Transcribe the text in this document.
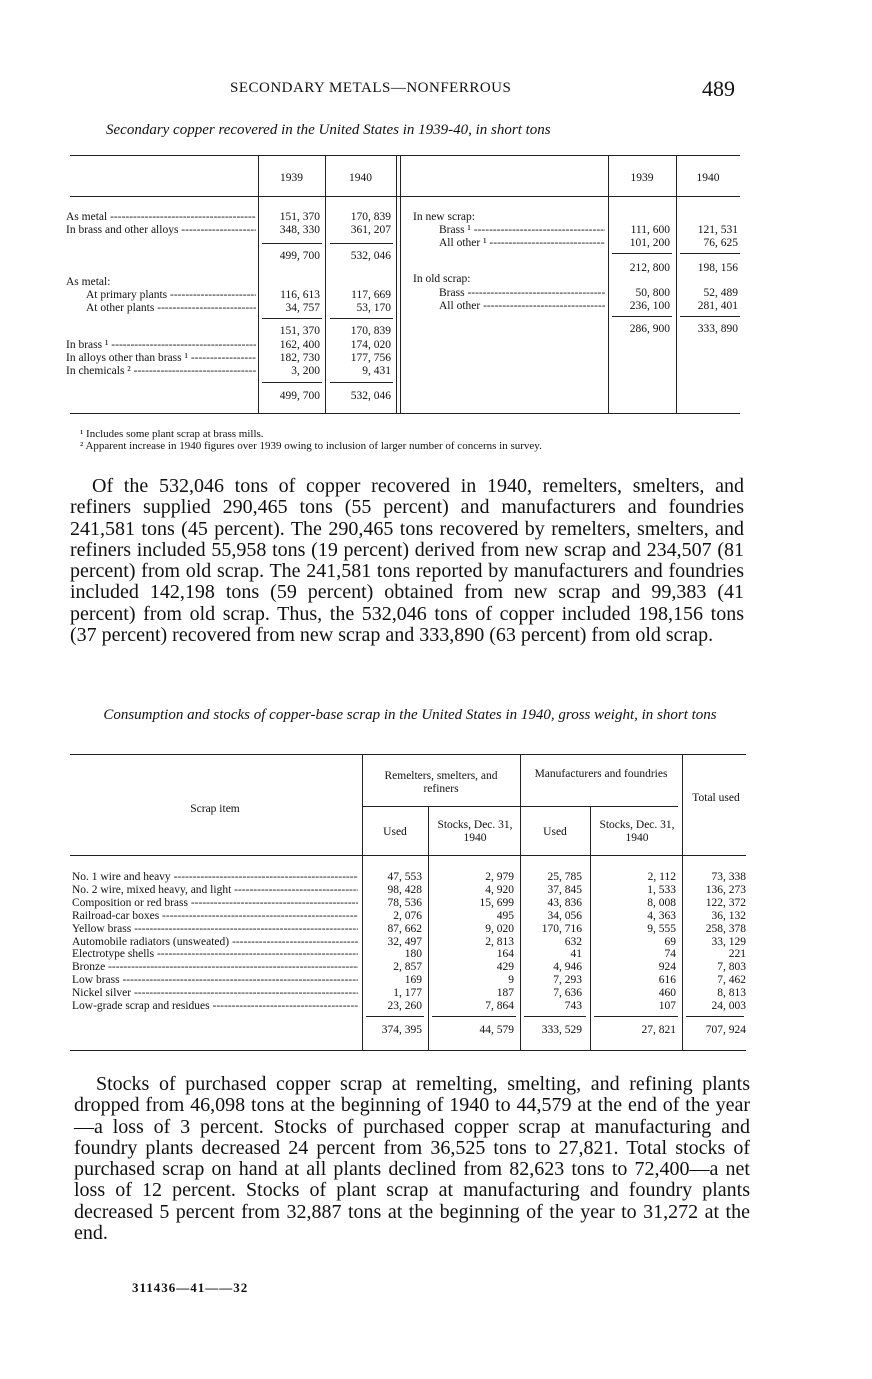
SECONDARY METALS—NONFERROUS	489
Secondary copper recovered in the United States in 1939-40, in short tons
1939	1940	1939	1940
As metal -----	151, 370	170, 839
In brass and other alloys -----	348, 330	361, 207
499, 700	532, 046
As metal:
At primary plants -----	116, 613	117, 669
At other plants -----	34, 757	53, 170
151, 370	170, 839
In brass ¹ -----	162, 400	174, 020
In alloys other than brass ¹ -----	182, 730	177, 756
In chemicals ² -----	3, 200	9, 431
499, 700	532, 046
In new scrap:
Brass ¹ -----	111, 600	121, 531
All other ¹ -----	101, 200	76, 625
212, 800	198, 156
In old scrap:
Brass -----	50, 800	52, 489
All other -----	236, 100	281, 401
286, 900	333, 890
¹ Includes some plant scrap at brass mills.
² Apparent increase in 1940 figures over 1939 owing to inclusion of larger number of concerns in survey.
Of the 532,046 tons of copper recovered in 1940, remelters, smelters, and refiners supplied 290,465 tons (55 percent) and manufacturers and foundries 241,581 tons (45 percent). The 290,465 tons recovered by remelters, smelters, and refiners included 55,958 tons (19 percent) derived from new scrap and 234,507 (81 percent) from old scrap. The 241,581 tons reported by manufacturers and foundries included 142,198 tons (59 percent) obtained from new scrap and 99,383 (41 percent) from old scrap. Thus, the 532,046 tons of copper included 198,156 tons (37 percent) recovered from new scrap and 333,890 (63 percent) from old scrap.
Consumption and stocks of copper-base scrap in the United States in 1940, gross weight, in short tons
Scrap item
Remelters, smelters, and refiners
Manufacturers and foundries
Total used
Used
Stocks, Dec. 31, 1940	Used
Stocks, Dec. 31, 1940
No. 1 wire and heavy -----	47, 553	2, 979	25, 785	2, 112	73, 338
No. 2 wire, mixed heavy, and light -----	98, 428	4, 920	37, 845	1, 533	136, 273
Composition or red brass -----	78, 536	15, 699	43, 836	8, 008	122, 372
Railroad-car boxes -----	2, 076	495	34, 056	4, 363	36, 132
Yellow brass -----	87, 662	9, 020	170, 716	9, 555	258, 378
Automobile radiators (unsweated) -----	32, 497	2, 813	632	69	33, 129
Electrotype shells -----	180	164	41	74	221
Bronze -----	2, 857	429	4, 946	924	7, 803
Low brass -----	169	9	7, 293	616	7, 462
Nickel silver -----	1, 177	187	7, 636	460	8, 813
Low-grade scrap and residues -----	23, 260	7, 864	743	107	24, 003
374, 395	44, 579	333, 529	27, 821	707, 924
Stocks of purchased copper scrap at remelting, smelting, and refining plants dropped from 46,098 tons at the beginning of 1940 to 44,579 at the end of the year—a loss of 3 percent. Stocks of purchased copper scrap at manufacturing and foundry plants decreased 24 percent from 36,525 tons to 27,821. Total stocks of purchased scrap on hand at all plants declined from 82,623 tons to 72,400—a net loss of 12 percent. Stocks of plant scrap at manufacturing and foundry plants decreased 5 percent from 32,887 tons at the beginning of the year to 31,272 at the end.
311436—41——32
